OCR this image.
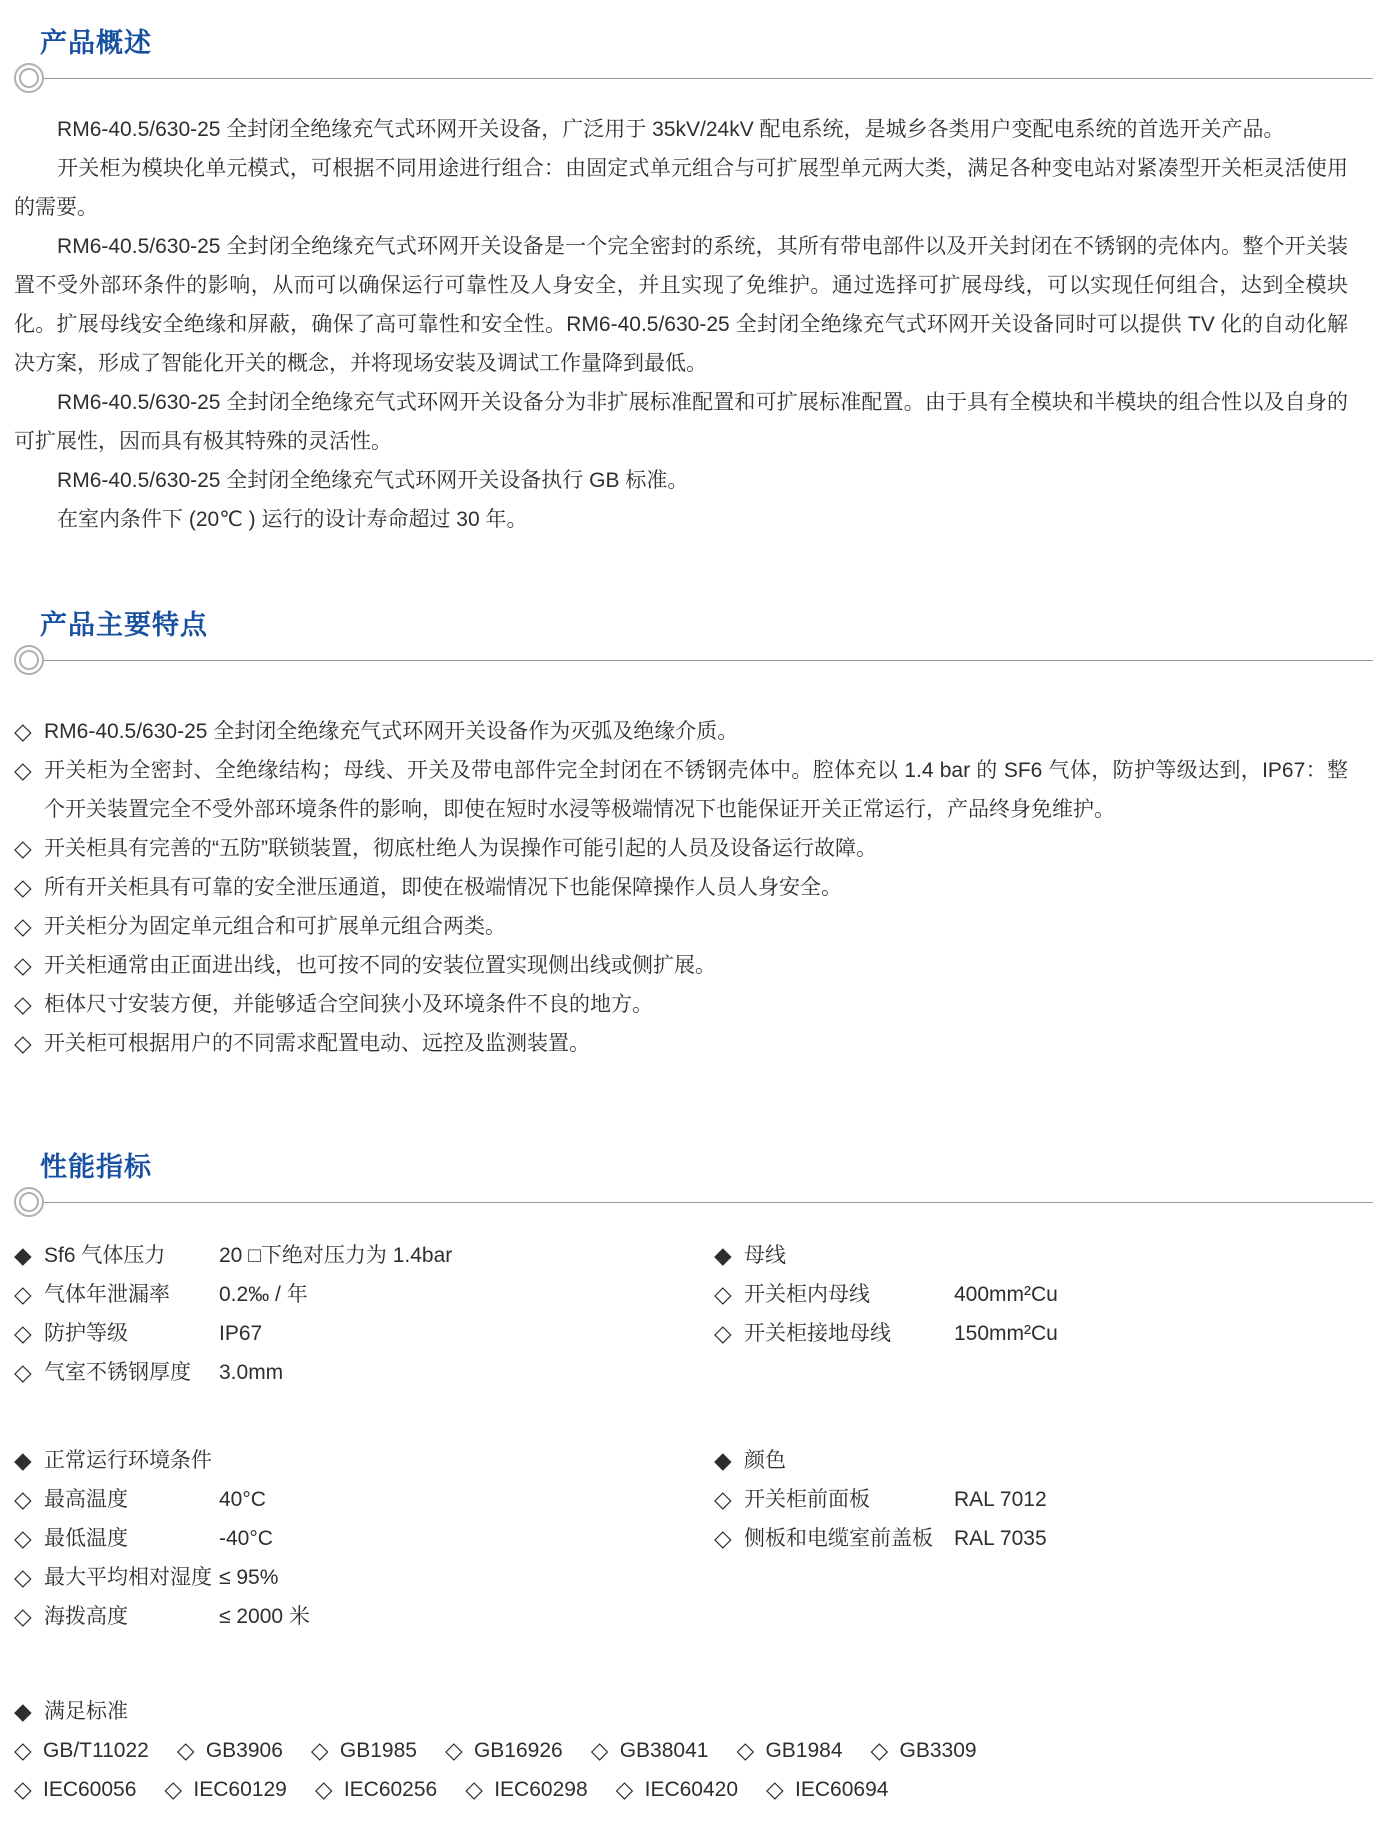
产品概述

RM6-40.5/630-25 全封闭全绝缘充气式环网开关设备，广泛用于 35kV/24kV 配电系统，是城乡各类用户变配电系统的首选开关产品。

开关柜为模块化单元模式，可根据不同用途进行组合：由固定式单元组合与可扩展型单元两大类，满足各种变电站对紧凑型开关柜灵活使用的需要。

RM6-40.5/630-25 全封闭全绝缘充气式环网开关设备是一个完全密封的系统，其所有带电部件以及开关封闭在不锈钢的壳体内。整个开关装置不受外部环条件的影响，从而可以确保运行可靠性及人身安全，并且实现了免维护。通过选择可扩展母线，可以实现任何组合，达到全模块化。扩展母线安全绝缘和屏蔽，确保了高可靠性和安全性。RM6-40.5/630-25 全封闭全绝缘充气式环网开关设备同时可以提供 TV 化的自动化解决方案，形成了智能化开关的概念，并将现场安装及调试工作量降到最低。

RM6-40.5/630-25 全封闭全绝缘充气式环网开关设备分为非扩展标准配置和可扩展标准配置。由于具有全模块和半模块的组合性以及自身的可扩展性，因而具有极其特殊的灵活性。

RM6-40.5/630-25 全封闭全绝缘充气式环网开关设备执行 GB 标准。

在室内条件下 (20℃ ) 运行的设计寿命超过 30 年。

产品主要特点
◇ RM6-40.5/630-25 全封闭全绝缘充气式环网开关设备作为灭弧及绝缘介质。
◇ 开关柜为全密封、全绝缘结构；母线、开关及带电部件完全封闭在不锈钢壳体中。腔体充以 1.4 bar 的 SF6 气体，防护等级达到，IP67：整个开关装置完全不受外部环境条件的影响，即使在短时水浸等极端情况下也能保证开关正常运行，产品终身免维护。
◇ 开关柜具有完善的“五防”联锁装置，彻底杜绝人为误操作可能引起的人员及设备运行故障。
◇ 所有开关柜具有可靠的安全泄压通道，即使在极端情况下也能保障操作人员人身安全。
◇ 开关柜分为固定单元组合和可扩展单元组合两类。
◇ 开关柜通常由正面进出线，也可按不同的安装位置实现侧出线或侧扩展。
◇ 柜体尺寸安装方便，并能够适合空间狭小及环境条件不良的地方。
◇ 开关柜可根据用户的不同需求配置电动、远控及监测装置。
性能指标
◆ Sf6 气体压力	20 □下绝对压力为 1.4bar
◇ 气体年泄漏率	0.2‰ / 年
◇ 防护等级	IP67
◇ 气室不锈钢厚度	3.0mm
◆ 母线
◇ 开关柜内母线	400mm²Cu
◇ 开关柜接地母线	150mm²Cu
◆ 正常运行环境条件
◇ 最高温度	40°C
◇ 最低温度	-40°C
◇ 最大平均相对湿度 ≤ 95%
◇ 海拨高度	≤ 2000 米
◆ 颜色
◇ 开关柜前面板	RAL 7012
◇ 侧板和电缆室前盖板	RAL 7035
◆ 满足标准
◇ GB/T11022 ◇ GB3906 ◇ GB1985 ◇ GB16926 ◇ GB38041 ◇ GB1984 ◇ GB3309
◇ IEC60056 ◇ IEC60129 ◇ IEC60256 ◇ IEC60298 ◇ IEC60420 ◇ IEC60694
